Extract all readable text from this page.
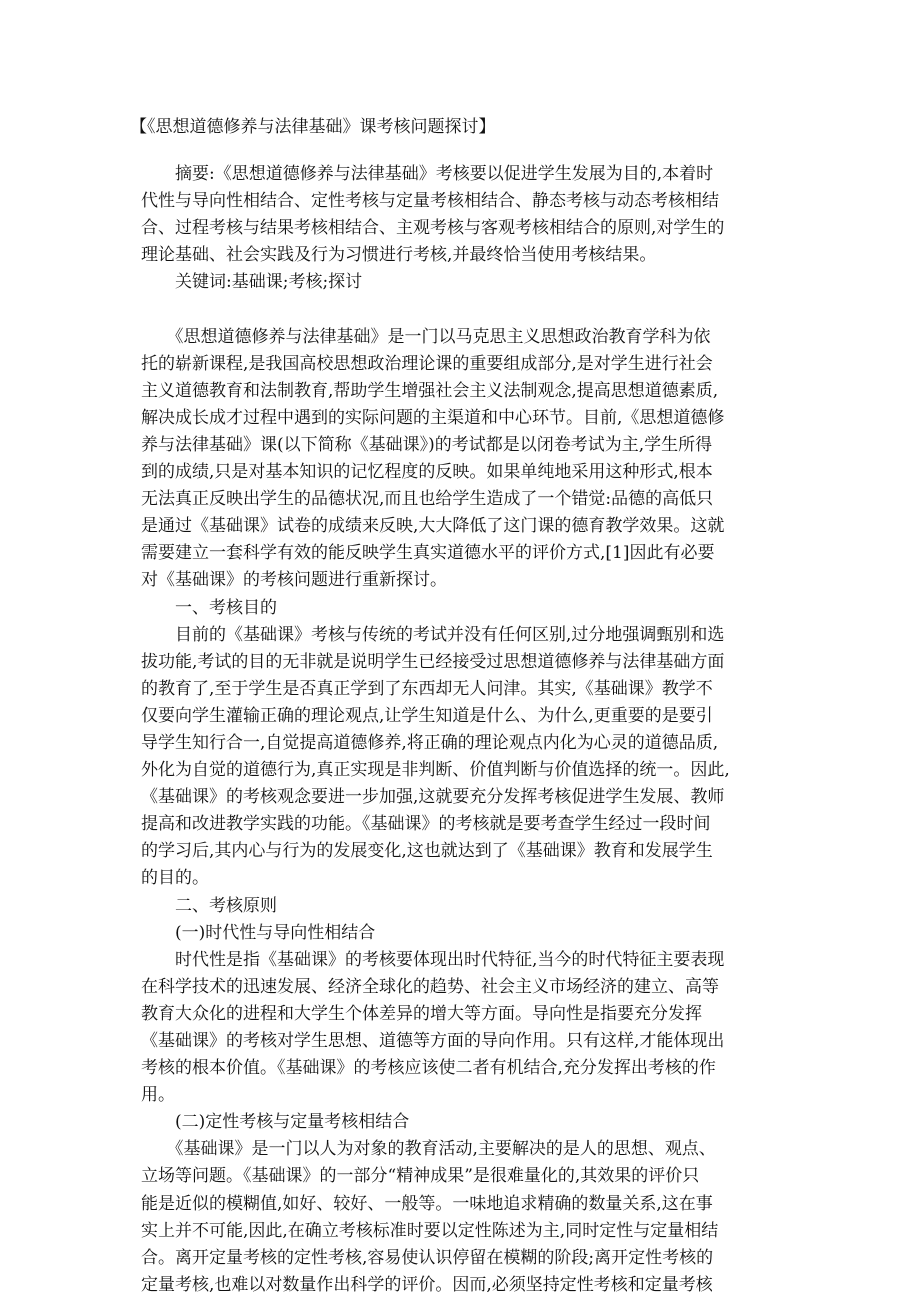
【《思想道德修养与法律基础》课考核问题探讨】
　　摘要:《思想道德修养与法律基础》考核要以促进学生发展为目的,本着时
代性与导向性相结合、定性考核与定量考核相结合、静态考核与动态考核相结
合、过程考核与结果考核相结合、主观考核与客观考核相结合的原则,对学生的
理论基础、社会实践及行为习惯进行考核,并最终恰当使用考核结果。
　　关键词:基础课;考核;探讨
　　《思想道德修养与法律基础》是一门以马克思主义思想政治教育学科为依
托的崭新课程,是我国高校思想政治理论课的重要组成部分,是对学生进行社会
主义道德教育和法制教育,帮助学生增强社会主义法制观念,提高思想道德素质,
解决成长成才过程中遇到的实际问题的主渠道和中心环节。目前,《思想道德修
养与法律基础》课(以下简称《基础课》)的考试都是以闭卷考试为主,学生所得
到的成绩,只是对基本知识的记忆程度的反映。如果单纯地采用这种形式,根本
无法真正反映出学生的品德状况,而且也给学生造成了一个错觉:品德的高低只
是通过《基础课》试卷的成绩来反映,大大降低了这门课的德育教学效果。这就
需要建立一套科学有效的能反映学生真实道德水平的评价方式,[1]因此有必要
对《基础课》的考核问题进行重新探讨。
　　一、考核目的
　　目前的《基础课》考核与传统的考试并没有任何区别,过分地强调甄别和选
拔功能,考试的目的无非就是说明学生已经接受过思想道德修养与法律基础方面
的教育了,至于学生是否真正学到了东西却无人问津。其实,《基础课》教学不
仅要向学生灌输正确的理论观点,让学生知道是什么、为什么,更重要的是要引
导学生知行合一,自觉提高道德修养,将正确的理论观点内化为心灵的道德品质,
外化为自觉的道德行为,真正实现是非判断、价值判断与价值选择的统一。因此,
《基础课》的考核观念要进一步加强,这就要充分发挥考核促进学生发展、教师
提高和改进教学实践的功能。《基础课》的考核就是要考查学生经过一段时间
的学习后,其内心与行为的发展变化,这也就达到了《基础课》教育和发展学生
的目的。
　　二、考核原则
　　(一)时代性与导向性相结合
　　时代性是指《基础课》的考核要体现出时代特征,当今的时代特征主要表现
在科学技术的迅速发展、经济全球化的趋势、社会主义市场经济的建立、高等
教育大众化的进程和大学生个体差异的增大等方面。导向性是指要充分发挥
《基础课》的考核对学生思想、道德等方面的导向作用。只有这样,才能体现出
考核的根本价值。《基础课》的考核应该使二者有机结合,充分发挥出考核的作
用。
　　(二)定性考核与定量考核相结合
　　《基础课》是一门以人为对象的教育活动,主要解决的是人的思想、观点、
立场等问题。《基础课》的一部分“精神成果”是很难量化的,其效果的评价只
能是近似的模糊值,如好、较好、一般等。一味地追求精确的数量关系,这在事
实上并不可能,因此,在确立考核标准时要以定性陈述为主,同时定性与定量相结
合。离开定量考核的定性考核,容易使认识停留在模糊的阶段;离开定性考核的
定量考核,也难以对数量作出科学的评价。因而,必须坚持定性考核和定量考核
